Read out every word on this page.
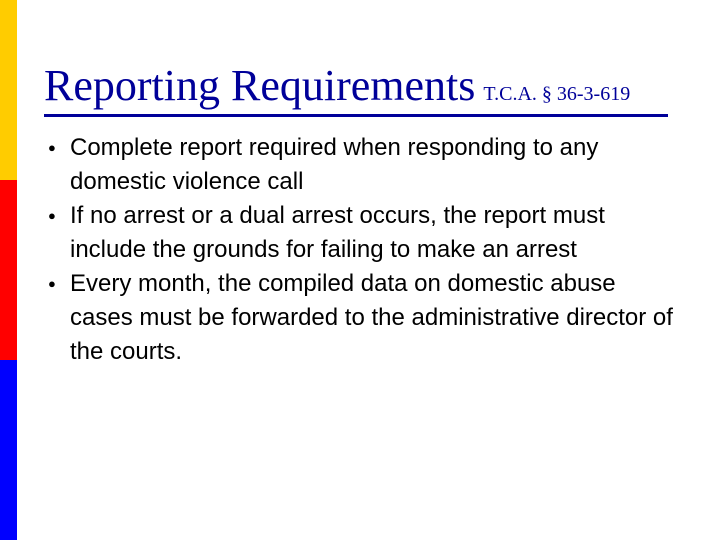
Reporting Requirements T.C.A. § 36-3-619
● Complete report required when responding to any domestic violence call
● If no arrest or a dual arrest occurs, the report must include the grounds for failing to make an arrest
● Every month, the compiled data on domestic abuse cases must be forwarded to the administrative director of the courts.
